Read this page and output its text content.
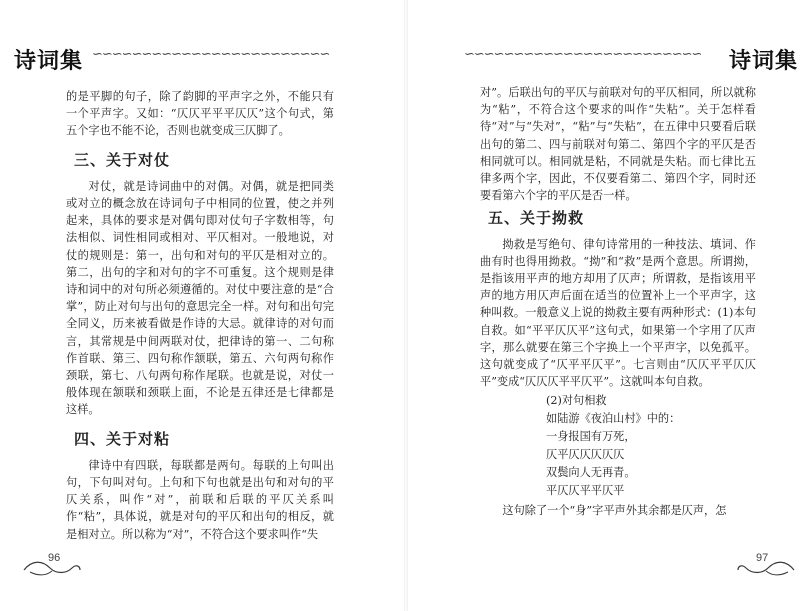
诗词集 ∽∽∽∽∽∽∽∽∽∽∽∽∽∽∽∽∽∽∽∽∽∽∽∽

的是平脚的句子，除了韵脚的平声字之外，不能只有一个平声字。又如：“仄仄平平平仄仄”这个句式，第五个字也不能不论，否则也就变成三仄脚了。

三、关于对仗

对仗，就是诗词曲中的对偶。对偶，就是把同类或对立的概念放在诗词句子中相同的位置，使之并列起来，具体的要求是对偶句即对仗句子字数相等，句法相似、词性相同或相对、平仄相对。一般地说，对仗的规则是：第一，出句和对句的平仄是相对立的。第二，出句的字和对句的字不可重复。这个规则是律诗和词中的对句所必须遵循的。对仗中要注意的是“合掌”，防止对句与出句的意思完全一样。对句和出句完全同义，历来被看做是作诗的大忌。就律诗的对句而言，其常规是中间两联对仗，把律诗的第一、二句称作首联、第三、四句称作颔联，第五、六句两句称作颈联，第七、八句两句称作尾联。也就是说，对仗一般体现在颔联和颈联上面，不论是五律还是七律都是这样。

四、关于对粘

律诗中有四联，每联都是两句。每联的上句叫出句，下句叫对句。上句和下句也就是出句和对句的平仄关系，叫作“对”，前联和后联的平仄关系叫作“粘”，具体说，就是对句的平仄和出句的相反，就是相对立。所以称为“对”，不符合这个要求叫作“失

96
∽∽∽∽∽∽∽∽∽∽∽∽∽∽∽∽∽∽∽∽∽∽∽∽	诗词集

对”。后联出句的平仄与前联对句的平仄相同，所以就称为“粘”，不符合这个要求的叫作“失粘”。关于怎样看待“对”与“失对”，“粘”与“失粘”，在五律中只要看后联出句的第二、四与前联对句第二、第四个字的平仄是否相同就可以。相同就是粘，不同就是失粘。而七律比五律多两个字，因此，不仅要看第二、第四个字，同时还要看第六个字的平仄是否一样。

五、关于拗救

拗救是写绝句、律句诗常用的一种技法、填词、作曲有时也得用拗救。“拗”和“救”是两个意思。所谓拗，是指该用平声的地方却用了仄声；所谓救，是指该用平声的地方用仄声后面在适当的位置补上一个平声字，这种叫救。一般意义上说的拗救主要有两种形式：(1)本句自救。如“平平仄仄平”这句式，如果第一个字用了仄声字，那么就要在第三个字换上一个平声字，以免孤平。这句就变成了“仄平平仄平”。七言则由“仄仄平平仄仄平”变成“仄仄仄平平仄平”。这就叫本句自救。

(2)对句相救
如陆游《夜泊山村》中的：
一身报国有万死，
仄平仄仄仄仄仄
双鬓向人无再青。
平仄仄平平仄平

这句除了一个“身”字平声外其余都是仄声，怎

97
